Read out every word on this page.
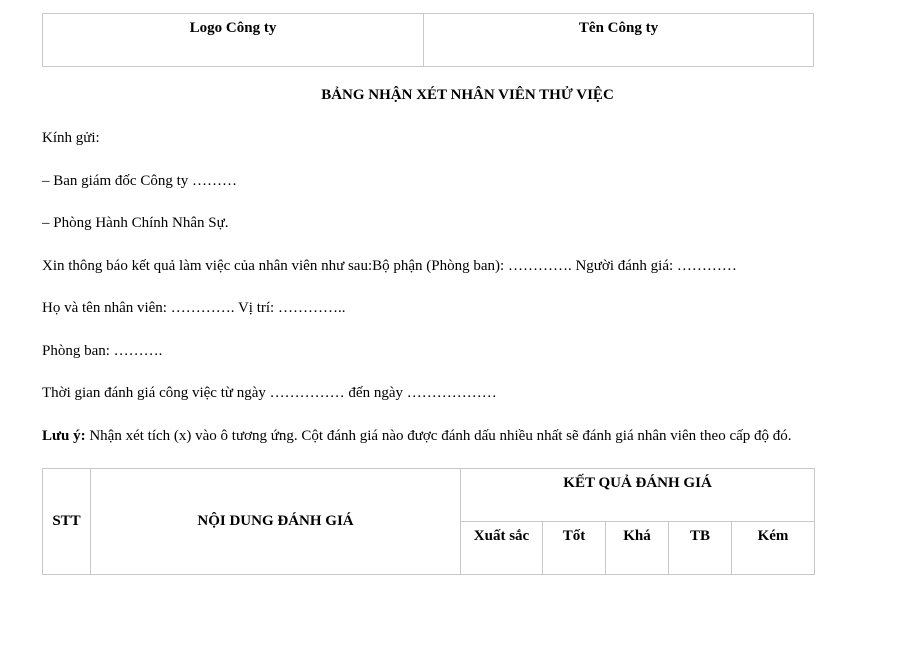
Logo Công ty	Tên Công ty

BẢNG NHẬN XÉT NHÂN VIÊN THỬ VIỆC

Kính gửi:

– Ban giám đốc Công ty ………

– Phòng Hành Chính Nhân Sự.

Xin thông báo kết quả làm việc của nhân viên như sau:Bộ phận (Phòng ban): …………. Người đánh giá: …………

Họ và tên nhân viên: …………. Vị trí: …………..

Phòng ban: ……….

Thời gian đánh giá công việc từ ngày …………… đến ngày ………………

Lưu ý: Nhận xét tích (x) vào ô tương ứng. Cột đánh giá nào được đánh dấu nhiều nhất sẽ đánh giá nhân viên theo cấp độ đó.

STT	NỘI DUNG ĐÁNH GIÁ	KẾT QUẢ ĐÁNH GIÁ				
		Xuất sắc	Tốt	Khá	TB	Kém
